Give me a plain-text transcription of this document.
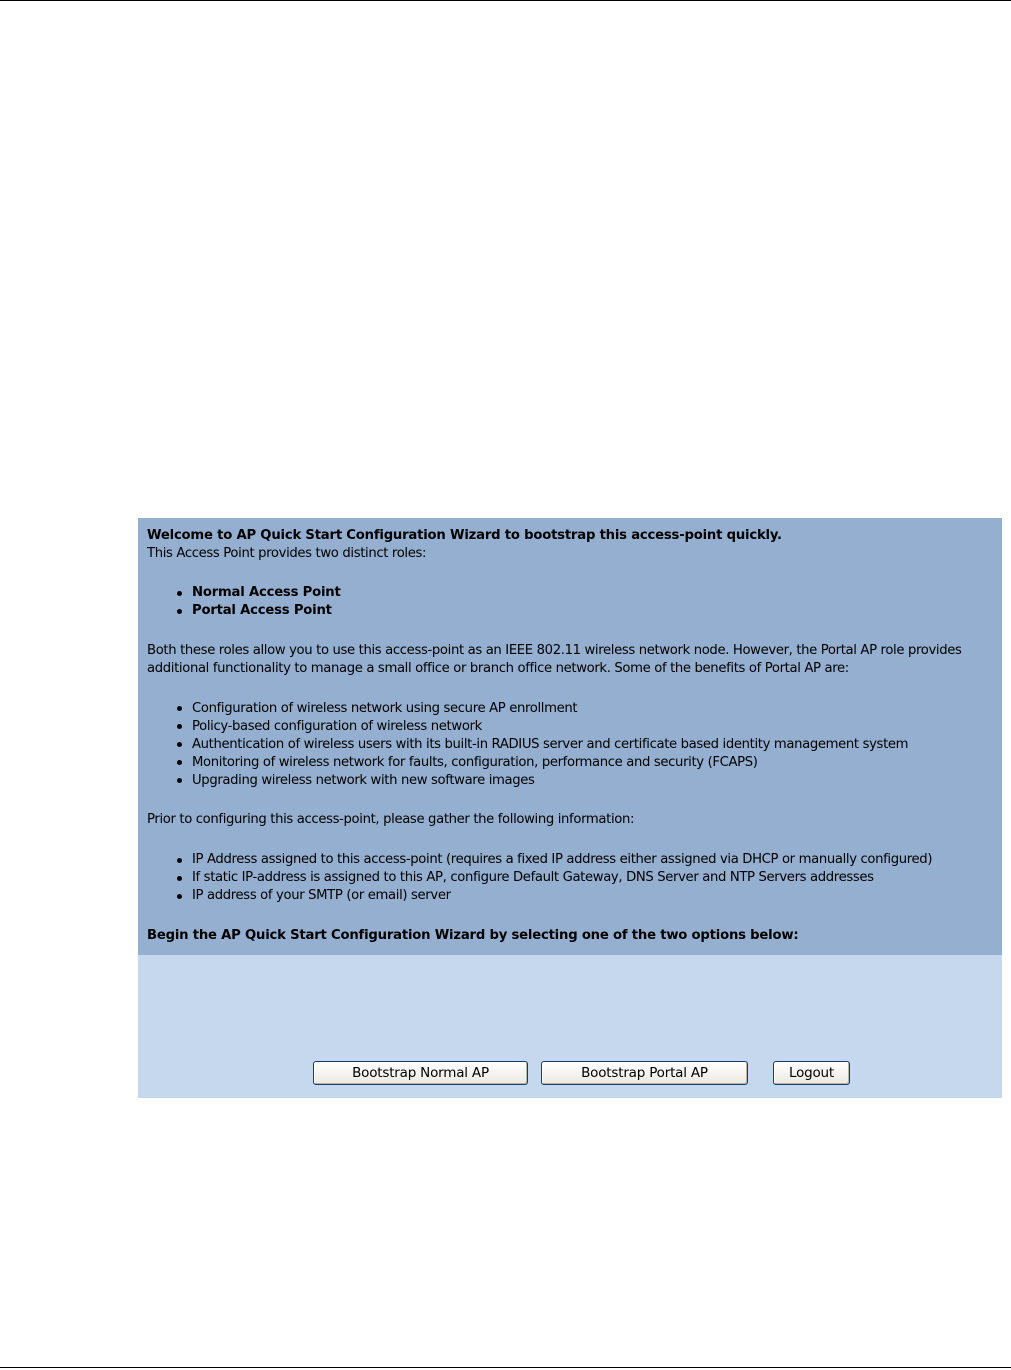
Welcome to AP Quick Start Configuration Wizard to bootstrap this access-point quickly.
This Access Point provides two distinct roles:
Normal Access Point
Portal Access Point
Both these roles allow you to use this access-point as an IEEE 802.11 wireless network node. However, the Portal AP role provides
additional functionality to manage a small office or branch office network. Some of the benefits of Portal AP are:
Configuration of wireless network using secure AP enrollment
Policy-based configuration of wireless network
Authentication of wireless users with its built-in RADIUS server and certificate based identity management system
Monitoring of wireless network for faults, configuration, performance and security (FCAPS)
Upgrading wireless network with new software images
Prior to configuring this access-point, please gather the following information:
IP Address assigned to this access-point (requires a fixed IP address either assigned via DHCP or manually configured)
If static IP-address is assigned to this AP, configure Default Gateway, DNS Server and NTP Servers addresses
IP address of your SMTP (or email) server
Begin the AP Quick Start Configuration Wizard by selecting one of the two options below:
Bootstrap Normal AP	Bootstrap Portal AP	Logout
